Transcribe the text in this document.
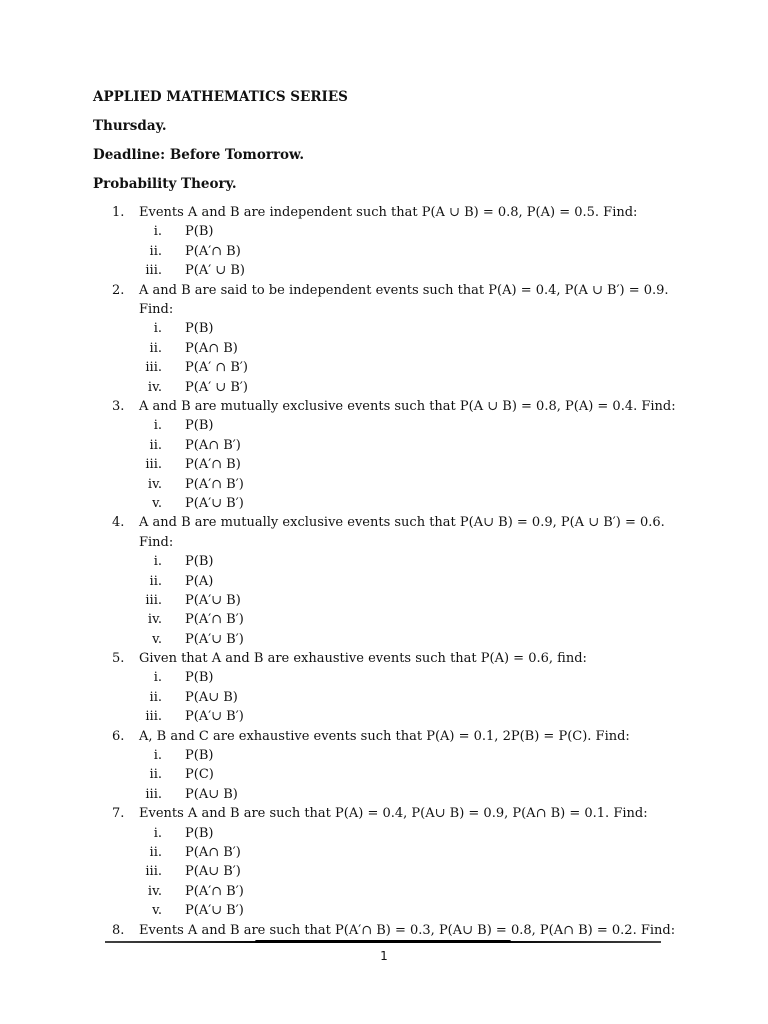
APPLIED MATHEMATICS SERIES

Thursday.

Deadline: Before Tomorrow.

Probability Theory.

1.	Events A and B are independent such that P(A ∪ B) = 0.8, P(A) = 0.5. Find:
i. P(B)
ii. P(A′∩ B)
iii. P(A′ ∪ B)
2.	A and B are said to be independent events such that P(A) = 0.4, P(A ∪ B′) = 0.9. Find:
i. P(B)
ii. P(A∩ B)
iii. P(A′ ∩ B′)
iv. P(A′ ∪ B′)
3.	A and B are mutually exclusive events such that P(A ∪ B) = 0.8, P(A) = 0.4. Find:
i. P(B)
ii. P(A∩ B′)
iii. P(A′∩ B)
iv. P(A′∩ B′)
v. P(A′∪ B′)
4.	A and B are mutually exclusive events such that P(A∪ B) = 0.9, P(A ∪ B′) = 0.6. Find:
i. P(B)
ii. P(A)
iii. P(A′∪ B)
iv. P(A′∩ B′)
v. P(A′∪ B′)
5.	Given that A and B are exhaustive events such that P(A) = 0.6, find:
i. P(B)
ii. P(A∪ B)
iii. P(A′∪ B′)
6.	A, B and C are exhaustive events such that P(A) = 0.1, 2P(B) = P(C). Find:
i. P(B)
ii. P(C)
iii. P(A∪ B)
7.	Events A and B are such that P(A) = 0.4, P(A∪ B) = 0.9, P(A∩ B) = 0.1. Find:
i. P(B)
ii. P(A∩ B′)
iii. P(A∪ B′)
iv. P(A′∩ B′)
v. P(A′∪ B′)
8.	Events A and B are such that P(A′∩ B) = 0.3, P(A∪ B) = 0.8, P(A∩ B) = 0.2. Find:
1
